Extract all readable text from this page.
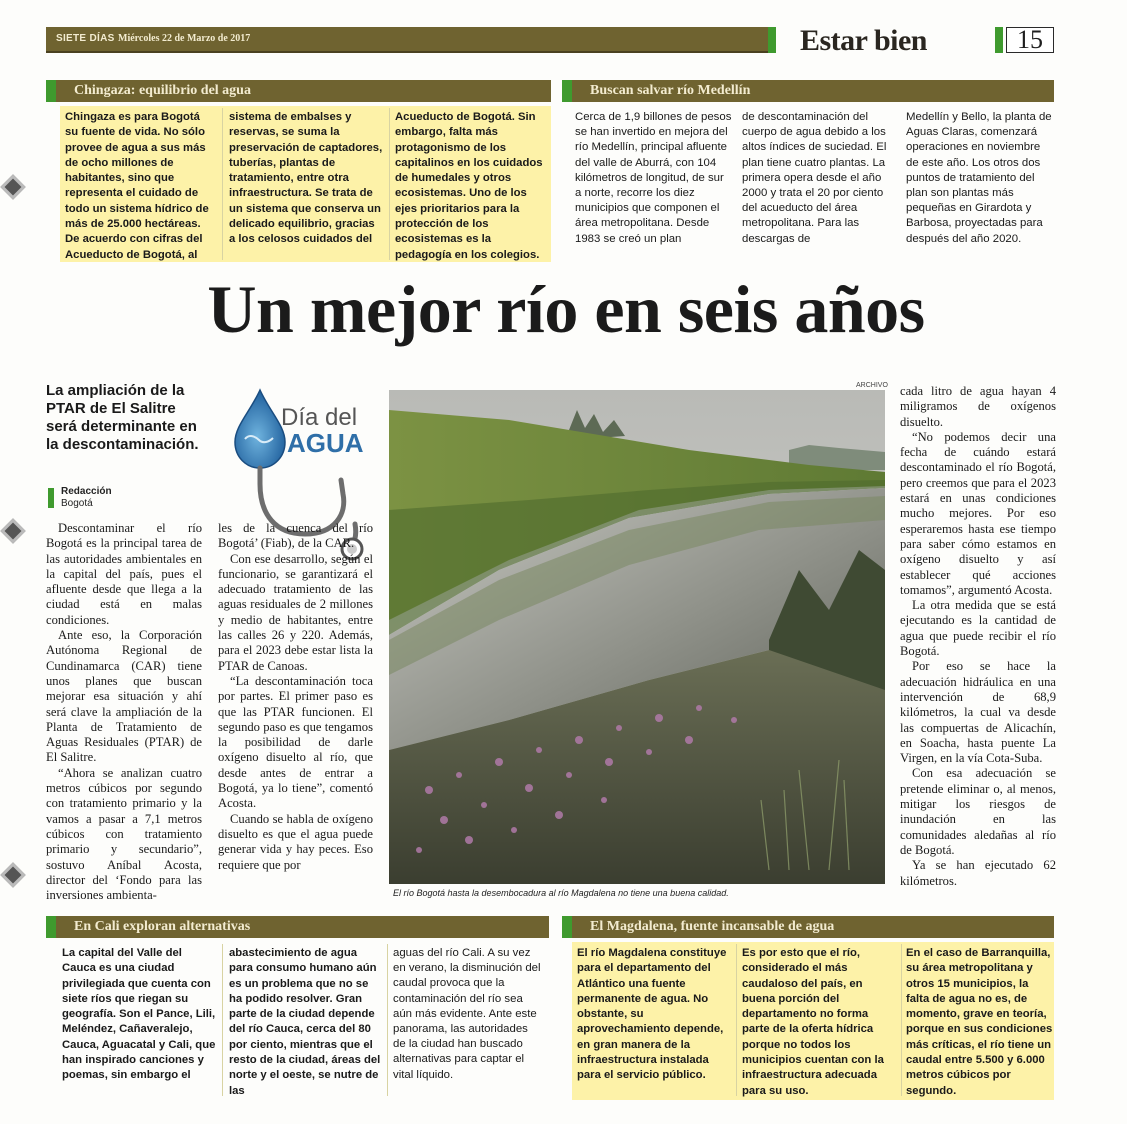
SIETE DÍAS Miércoles 22 de Marzo de 2017	Estar bien	15
Chingaza: equilibrio del agua
Chingaza es para Bogotá su fuente de vida. No sólo provee de agua a sus más de ocho millones de habitantes, sino que representa el cuidado de todo un sistema hídrico de más de 25.000 hectáreas. De acuerdo con cifras del Acueducto de Bogotá, al
sistema de embalses y reservas, se suma la preservación de captadores, tuberías, plantas de tratamiento, entre otra infraestructura. Se trata de un sistema que conserva un delicado equilibrio, gracias a los celosos cuidados del
Acueducto de Bogotá. Sin embargo, falta más protagonismo de los capitalinos en los cuidados de humedales y otros ecosistemas. Uno de los ejes prioritarios para la protección de los ecosistemas es la pedagogía en los colegios.
Buscan salvar río Medellín
Cerca de 1,9 billones de pesos se han invertido en mejora del río Medellín, principal afluente del valle de Aburrá, con 104 kilómetros de longitud, de sur a norte, recorre los diez municipios que componen el área metropolitana. Desde 1983 se creó un plan
de descontaminación del cuerpo de agua debido a los altos índices de suciedad. El plan tiene cuatro plantas. La primera opera desde el año 2000 y trata el 20 por ciento del acueducto del área metropolitana. Para las descargas de
Medellín y Bello, la planta de Aguas Claras, comenzará operaciones en noviembre de este año. Los otros dos puntos de tratamiento del plan son plantas más pequeñas en Girardota y Barbosa, proyectadas para después del año 2020.
Un mejor río en seis años
La ampliación de la PTAR de El Salitre será determinante en la descontaminación.
Redacción
Bogotá
Día del
AGUA

Descontaminar el río Bogotá es la principal tarea de las autoridades ambientales en la capital del país, pues el afluente desde que llega a la ciudad está en malas condiciones.

Ante eso, la Corporación Autónoma Regional de Cundinamarca (CAR) tiene unos planes que buscan mejorar esa situación y ahí será clave la ampliación de la Planta de Tratamiento de Aguas Residuales (PTAR) de El Salitre.

“Ahora se analizan cuatro metros cúbicos por segundo con tratamiento primario y la vamos a pasar a 7,1 metros cúbicos con tratamiento primario y secundario”, sostuvo Aníbal Acosta, director del ‘Fondo para las inversiones ambienta-

les de la cuenca del río Bogotá’ (Fiab), de la CAR.

Con ese desarrollo, según el funcionario, se garantizará el adecuado tratamiento de las aguas residuales de 2 millones y medio de habitantes, entre las calles 26 y 220. Además, para el 2023 debe estar lista la PTAR de Canoas.

“La descontaminación toca por partes. El primer paso es que las PTAR funcionen. El segundo paso es que tengamos la posibilidad de darle oxígeno disuelto al río, que desde antes de entrar a Bogotá, ya lo tiene”, comentó Acosta.

Cuando se habla de oxígeno disuelto es que el agua puede generar vida y hay peces. Eso requiere que por

cada litro de agua hayan 4 miligramos de oxígenos disuelto.

“No podemos decir una fecha de cuándo estará descontaminado el río Bogotá, pero creemos que para el 2023 estará en unas condiciones mucho mejores. Por eso esperaremos hasta ese tiempo para saber cómo estamos en oxígeno disuelto y así establecer qué acciones tomamos”, argumentó Acosta.

La otra medida que se está ejecutando es la cantidad de agua que puede recibir el río Bogotá.

Por eso se hace la adecuación hidráulica en una intervención de 68,9 kilómetros, la cual va desde las compuertas de Alicachín, en Soacha, hasta puente La Virgen, en la vía Cota-Suba.

Con esa adecuación se pretende eliminar o, al menos, mitigar los riesgos de inundación en las comunidades aledañas al río de Bogotá.

Ya se han ejecutado 62 kilómetros.

ARCHIVO
El río Bogotá hasta la desembocadura al río Magdalena no tiene una buena calidad.
En Cali exploran alternativas
La capital del Valle del Cauca es una ciudad privilegiada que cuenta con siete ríos que riegan su geografía. Son el Pance, Lili, Meléndez, Cañaveralejo, Cauca, Aguacatal y Cali, que han inspirado canciones y poemas, sin embargo el
abastecimiento de agua para consumo humano aún es un problema que no se ha podido resolver. Gran parte de la ciudad depende del río Cauca, cerca del 80 por ciento, mientras que el resto de la ciudad, áreas del norte y el oeste, se nutre de las
aguas del río Cali. A su vez en verano, la disminución del caudal provoca que la contaminación del río sea aún más evidente. Ante este panorama, las autoridades de la ciudad han buscado alternativas para captar el vital líquido.
El Magdalena, fuente incansable de agua
El río Magdalena constituye para el departamento del Atlántico una fuente permanente de agua. No obstante, su aprovechamiento depende, en gran manera de la infraestructura instalada para el servicio público.
Es por esto que el río, considerado el más caudaloso del país, en buena porción del departamento no forma parte de la oferta hídrica porque no todos los municipios cuentan con la infraestructura adecuada para su uso.
En el caso de Barranquilla, su área metropolitana y otros 15 municipios, la falta de agua no es, de momento, grave en teoría, porque en sus condiciones más críticas, el río tiene un caudal entre 5.500 y 6.000 metros cúbicos por segundo.
